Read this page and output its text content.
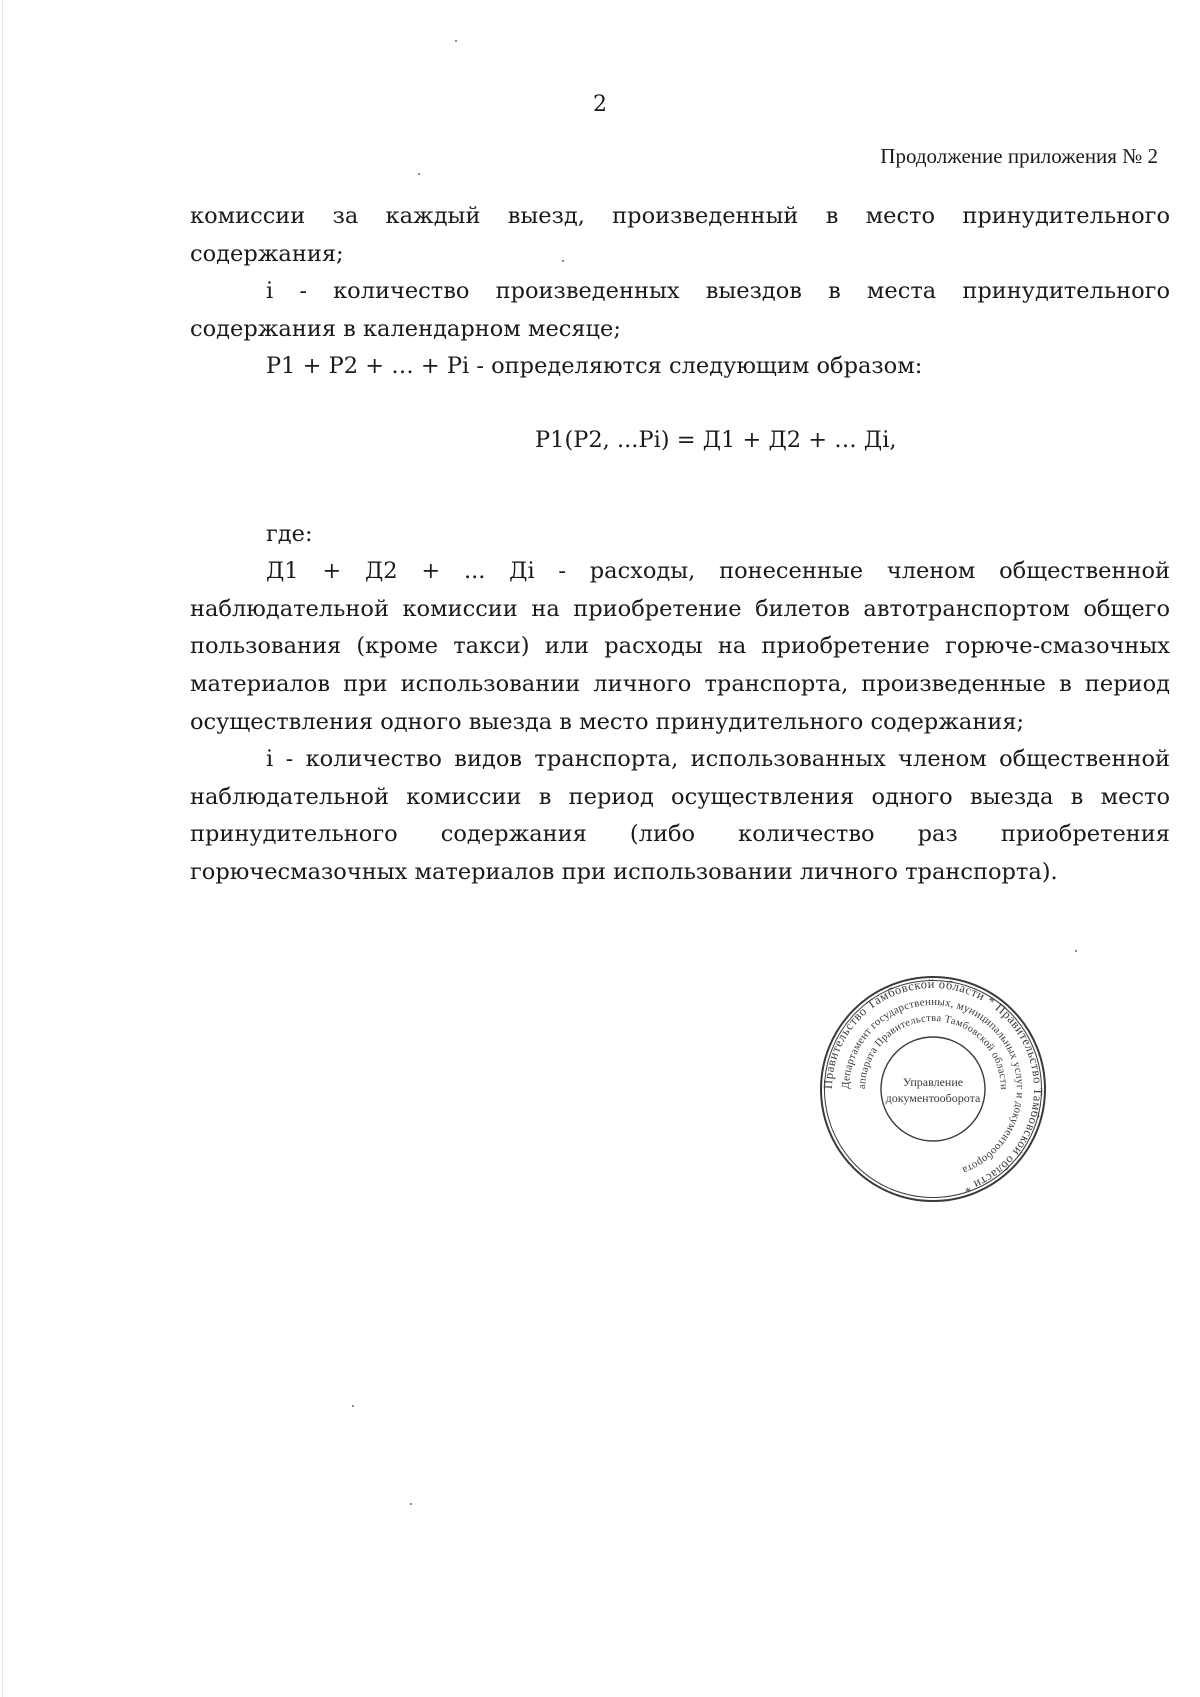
2
Продолжение приложения № 2

комиссии за каждый выезд, произведенный в место принудительного содержания;

i - количество произведенных выездов в места принудительного содержания в календарном месяце;

P1 + P2 + … + Pi - определяются следующим образом:

P1(P2, ...Pi) = Д1 + Д2 + … Дi,

где:

Д1 + Д2 + ... Дi - расходы, понесенные членом общественной наблюдательной комиссии на приобретение билетов автотранспортом общего пользования (кроме такси) или расходы на приобретение горюче-смазочных материалов при использовании личного транспорта, произведенные в период осуществления одного выезда в место принудительного содержания;

i - количество видов транспорта, использованных членом общественной наблюдательной комиссии в период осуществления одного выезда в место принудительного содержания (либо количество раз приобретения горючесмазочных материалов при использовании личного транспорта).

Правительство Тамбовской области * Правительство Тамбовской области *
Департамент государственных, муниципальных услуг и документооборота
аппарата Правительства Тамбовской области
Управление
документооборота
